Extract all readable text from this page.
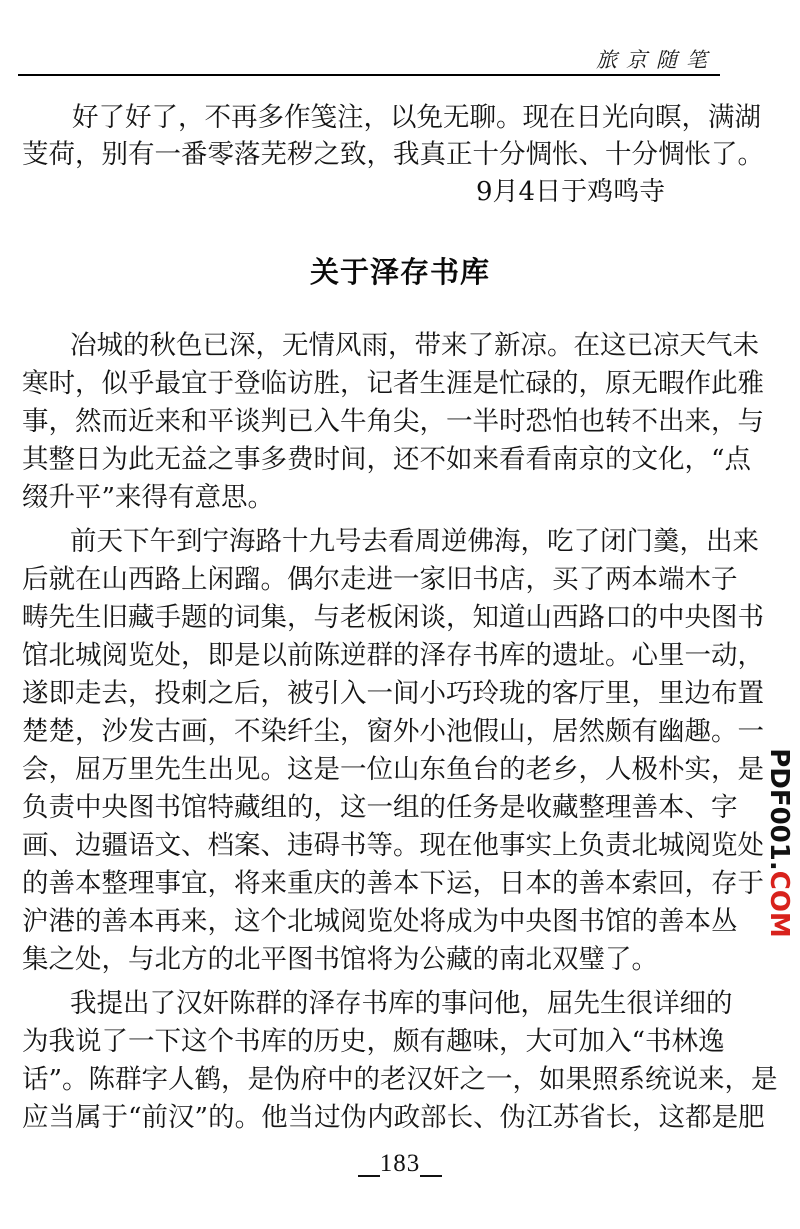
旅京随笔
好了好了，不再多作笺注，以免无聊。现在日光向暝，满湖
芰荷，别有一番零落芜秽之致，我真正十分惆怅、十分惆怅了。
9月4日于鸡鸣寺
关于泽存书库
冶城的秋色已深，无情风雨，带来了新凉。在这已凉天气未
寒时，似乎最宜于登临访胜，记者生涯是忙碌的，原无暇作此雅
事，然而近来和平谈判已入牛角尖，一半时恐怕也转不出来，与
其整日为此无益之事多费时间，还不如来看看南京的文化，“点
缀升平”来得有意思。
前天下午到宁海路十九号去看周逆佛海，吃了闭门羹，出来
后就在山西路上闲蹓。偶尔走进一家旧书店，买了两本端木子
畴先生旧藏手题的词集，与老板闲谈，知道山西路口的中央图书
馆北城阅览处，即是以前陈逆群的泽存书库的遗址。心里一动，
遂即走去，投刺之后，被引入一间小巧玲珑的客厅里，里边布置
楚楚，沙发古画，不染纤尘，窗外小池假山，居然颇有幽趣。一
会，屈万里先生出见。这是一位山东鱼台的老乡，人极朴实，是
负责中央图书馆特藏组的，这一组的任务是收藏整理善本、字
画、边疆语文、档案、违碍书等。现在他事实上负责北城阅览处
的善本整理事宜，将来重庆的善本下运，日本的善本索回，存于
沪港的善本再来，这个北城阅览处将成为中央图书馆的善本丛
集之处，与北方的北平图书馆将为公藏的南北双璧了。
我提出了汉奸陈群的泽存书库的事问他，屈先生很详细的
为我说了一下这个书库的历史，颇有趣味，大可加入“书林逸
话”。陈群字人鹤，是伪府中的老汉奸之一，如果照系统说来，是
应当属于“前汉”的。他当过伪内政部长、伪江苏省长，这都是肥
PDF001.COM
183
